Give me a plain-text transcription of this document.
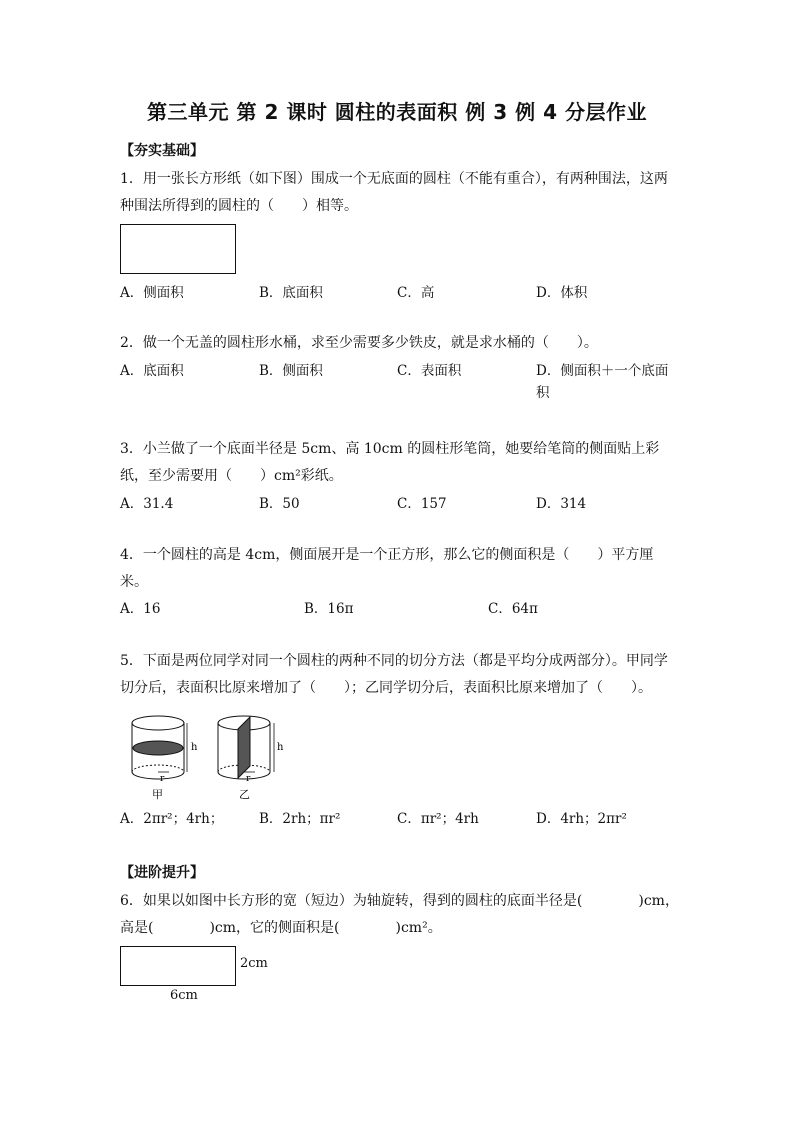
第三单元 第 2 课时 圆柱的表面积 例 3 例 4 分层作业
【夯实基础】
1．用一张长方形纸（如下图）围成一个无底面的圆柱（不能有重合），有两种围法，这两种围法所得到的圆柱的（　　）相等。
A．侧面积	B．底面积	C．高	D．体积
2．做一个无盖的圆柱形水桶，求至少需要多少铁皮，就是求水桶的（　　）。
A．底面积	B．侧面积	C．表面积	D．侧面积＋一个底面积
3．小兰做了一个底面半径是 5cm、高 10cm 的圆柱形笔筒，她要给笔筒的侧面贴上彩纸，至少需要用（　　）cm²彩纸。
A．31.4	B．50	C．157	D．314
4．一个圆柱的高是 4cm，侧面展开是一个正方形，那么它的侧面积是（　　）平方厘米。
A．16	B．16π	C．64π
5．下面是两位同学对同一个圆柱的两种不同的切分方法（都是平均分成两部分）。甲同学切分后，表面积比原来增加了（　　）；乙同学切分后，表面积比原来增加了（　　）。
h	h
r	r
甲	乙
A．2πr²；4rh；	B．2rh；πr²	C．πr²；4rh	D．4rh；2πr²
【进阶提升】
6．如果以如图中长方形的宽（短边）为轴旋转，得到的圆柱的底面半径是(　　　　)cm，高是(　　　　)cm，它的侧面积是(　　　　)cm²。
2cm
6cm
